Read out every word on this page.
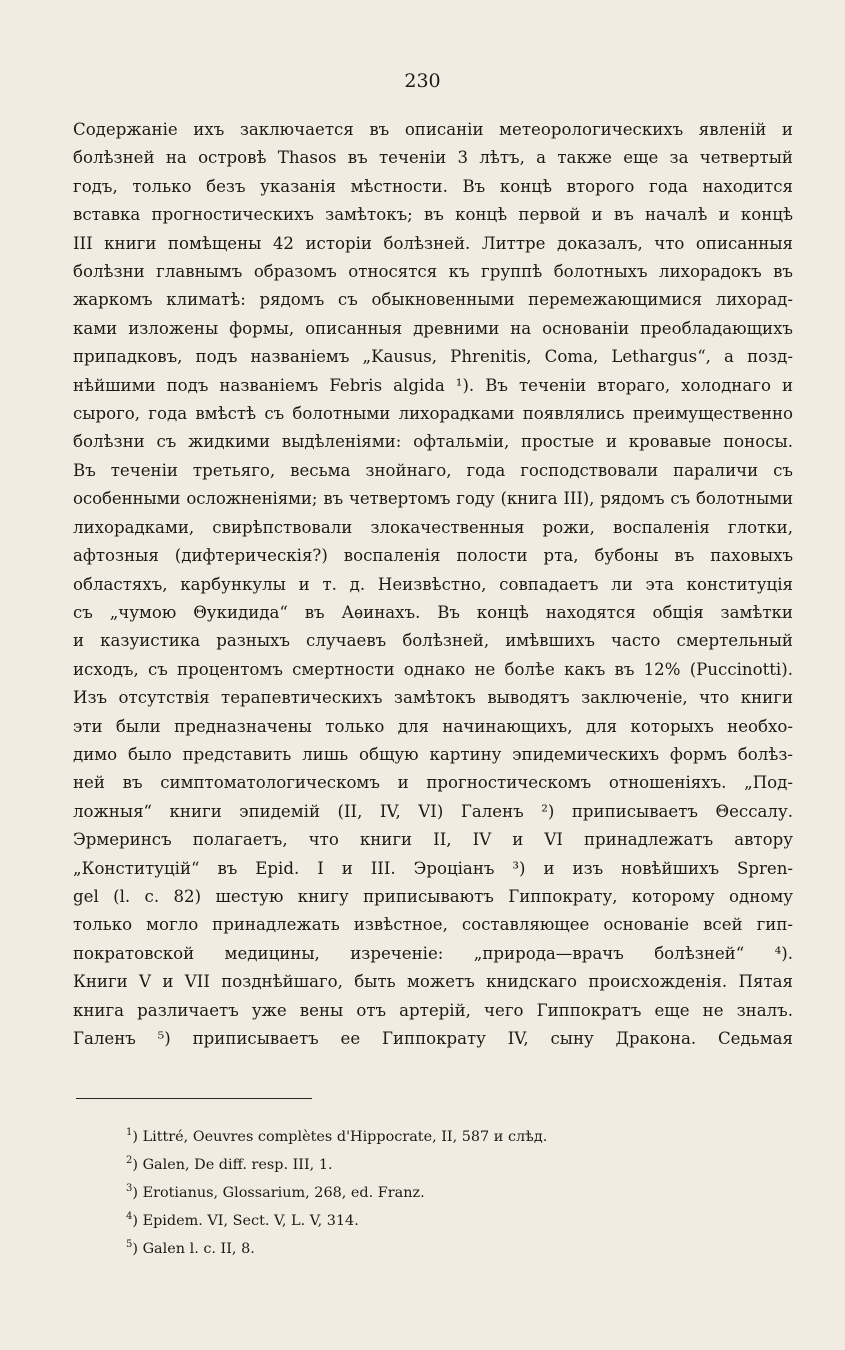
230
Содержаніе ихъ заключается въ описаніи метеорологическихъ явленій и
болѣзней на островѣ Thasos въ теченіи 3 лѣтъ, а также еще за четвертый
годъ, только безъ указанія мѣстности. Въ концѣ второго года находится
вставка прогностическихъ замѣтокъ; въ концѣ первой и въ началѣ и концѣ
III книги помѣщены 42 исторіи болѣзней. Литтре доказалъ, что описанныя
болѣзни главнымъ образомъ относятся къ группѣ болотныхъ лихорадокъ въ
жаркомъ климатѣ: рядомъ съ обыкновенными перемежающимися лихорад-
ками изложены формы, описанныя древними на основаніи преобладающихъ
припадковъ, подъ названіемъ „Kausus, Phrenitis, Coma, Lethargus“, а позд-
нѣйшими подъ названіемъ Febris algida ¹). Въ теченіи втораго, холоднаго и
сырого, года вмѣстѣ съ болотными лихорадками появлялись преимущественно
болѣзни съ жидкими выдѣленіями: офтальміи, простые и кровавые поносы.
Въ теченіи третьяго, весьма знойнаго, года господствовали параличи съ
особенными осложненіями; въ четвертомъ году (книга III), рядомъ съ болотными
лихорадками, свирѣпствовали злокачественныя рожи, воспаленія глотки,
афтозныя (дифтерическія?) воспаленія полости рта, бубоны въ паховыхъ
областяхъ, карбункулы и т. д. Неизвѣстно, совпадаетъ ли эта конституція
съ „чумою Θукидида“ въ Аѳинахъ. Въ концѣ находятся общія замѣтки
и казуистика разныхъ случаевъ болѣзней, имѣвшихъ часто смертельный
исходъ, съ процентомъ смертности однако не болѣе какъ въ 12% (Puccinotti).
Изъ отсутствія терапевтическихъ замѣтокъ выводятъ заключеніе, что книги
эти были предназначены только для начинающихъ, для которыхъ необхо-
димо было представить лишь общую картину эпидемическихъ формъ болѣз-
ней въ симптоматологическомъ и прогностическомъ отношеніяхъ. „Под-
ложныя“ книги эпидемій (II, IV, VI) Галенъ ²) приписываетъ Θессалу.
Эрмеринсъ полагаетъ, что книги II, IV и VI принадлежатъ автору
„Конституцій“ въ Epid. I и III. Эроціанъ ³) и изъ новѣйшихъ Spren-
gel (l. c. 82) шестую книгу приписываютъ Гиппократу, которому одному
только могло принадлежать извѣстное, составляющее основаніе всей гип-
пократовской медицины, изреченіе: „природа—врачъ болѣзней“ ⁴).
Книги V и VII позднѣйшаго, быть можетъ книдскаго происхожденія. Пятая
книга различаетъ уже вены отъ артерій, чего Гиппократъ еще не зналъ.
Галенъ ⁵) приписываетъ ее Гиппократу IV, сыну Дракона. Седьмая
$^1$) Littré, Oeuvres complètes d'Hippocrate, II, 587 и слѣд.
$^2$) Galen, De diff. resp. III, 1.
$^3$) Erotianus, Glossarium, 268, ed. Franz.
$^4$) Epidem. VI, Sect. V, L. V, 314.
$^5$) Galen l. c. II, 8.
